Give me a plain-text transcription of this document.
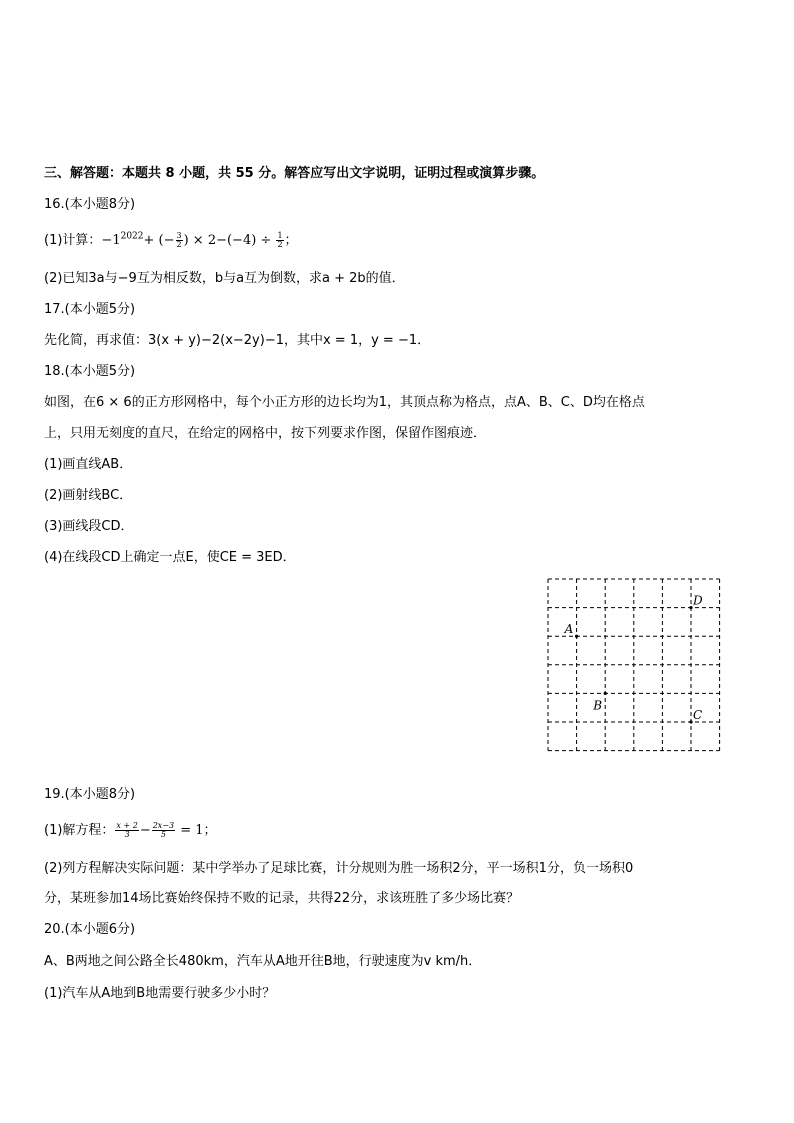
三、解答题：本题共 8 小题，共 55 分。解答应写出文字说明，证明过程或演算步骤。
16.(本小题8分)
(1)计算：$-1^{2022}+$ (− $\frac{3}{2}$ ) × $2-(-4) \div \frac{1}{2}$ ；
(2)已知3a与−9互为相反数，b与a互为倒数，求a + 2b的值．
17.(本小题5分)
先化简，再求值：3(x + y)−2(x−2y)−1，其中x = 1，y = −1．
18.(本小题5分)
如图，在6 × 6的正方形网格中，每个小正方形的边长均为1，其顶点称为格点，点A、B、C、D均在格点
上，只用无刻度的直尺，在给定的网格中，按下列要求作图，保留作图痕迹．
(1)画直线AB．
(2)画射线BC．
(3)画线段CD．
(4)在线段CD上确定一点E，使CE = 3ED．
A
B
C
D
19.(本小题8分)
(1)解方程： $\frac{x + 2}{3} - \frac{2x-3}{5} = 1$；
(2)列方程解决实际问题：某中学举办了足球比赛，计分规则为胜一场积2分，平一场积1分，负一场积0
分，某班参加14场比赛始终保持不败的记录，共得22分，求该班胜了多少场比赛？
20.(本小题6分)
A、B两地之间公路全长480km，汽车从A地开往B地，行驶速度为v km/h．
(1)汽车从A地到B地需要行驶多少小时？
